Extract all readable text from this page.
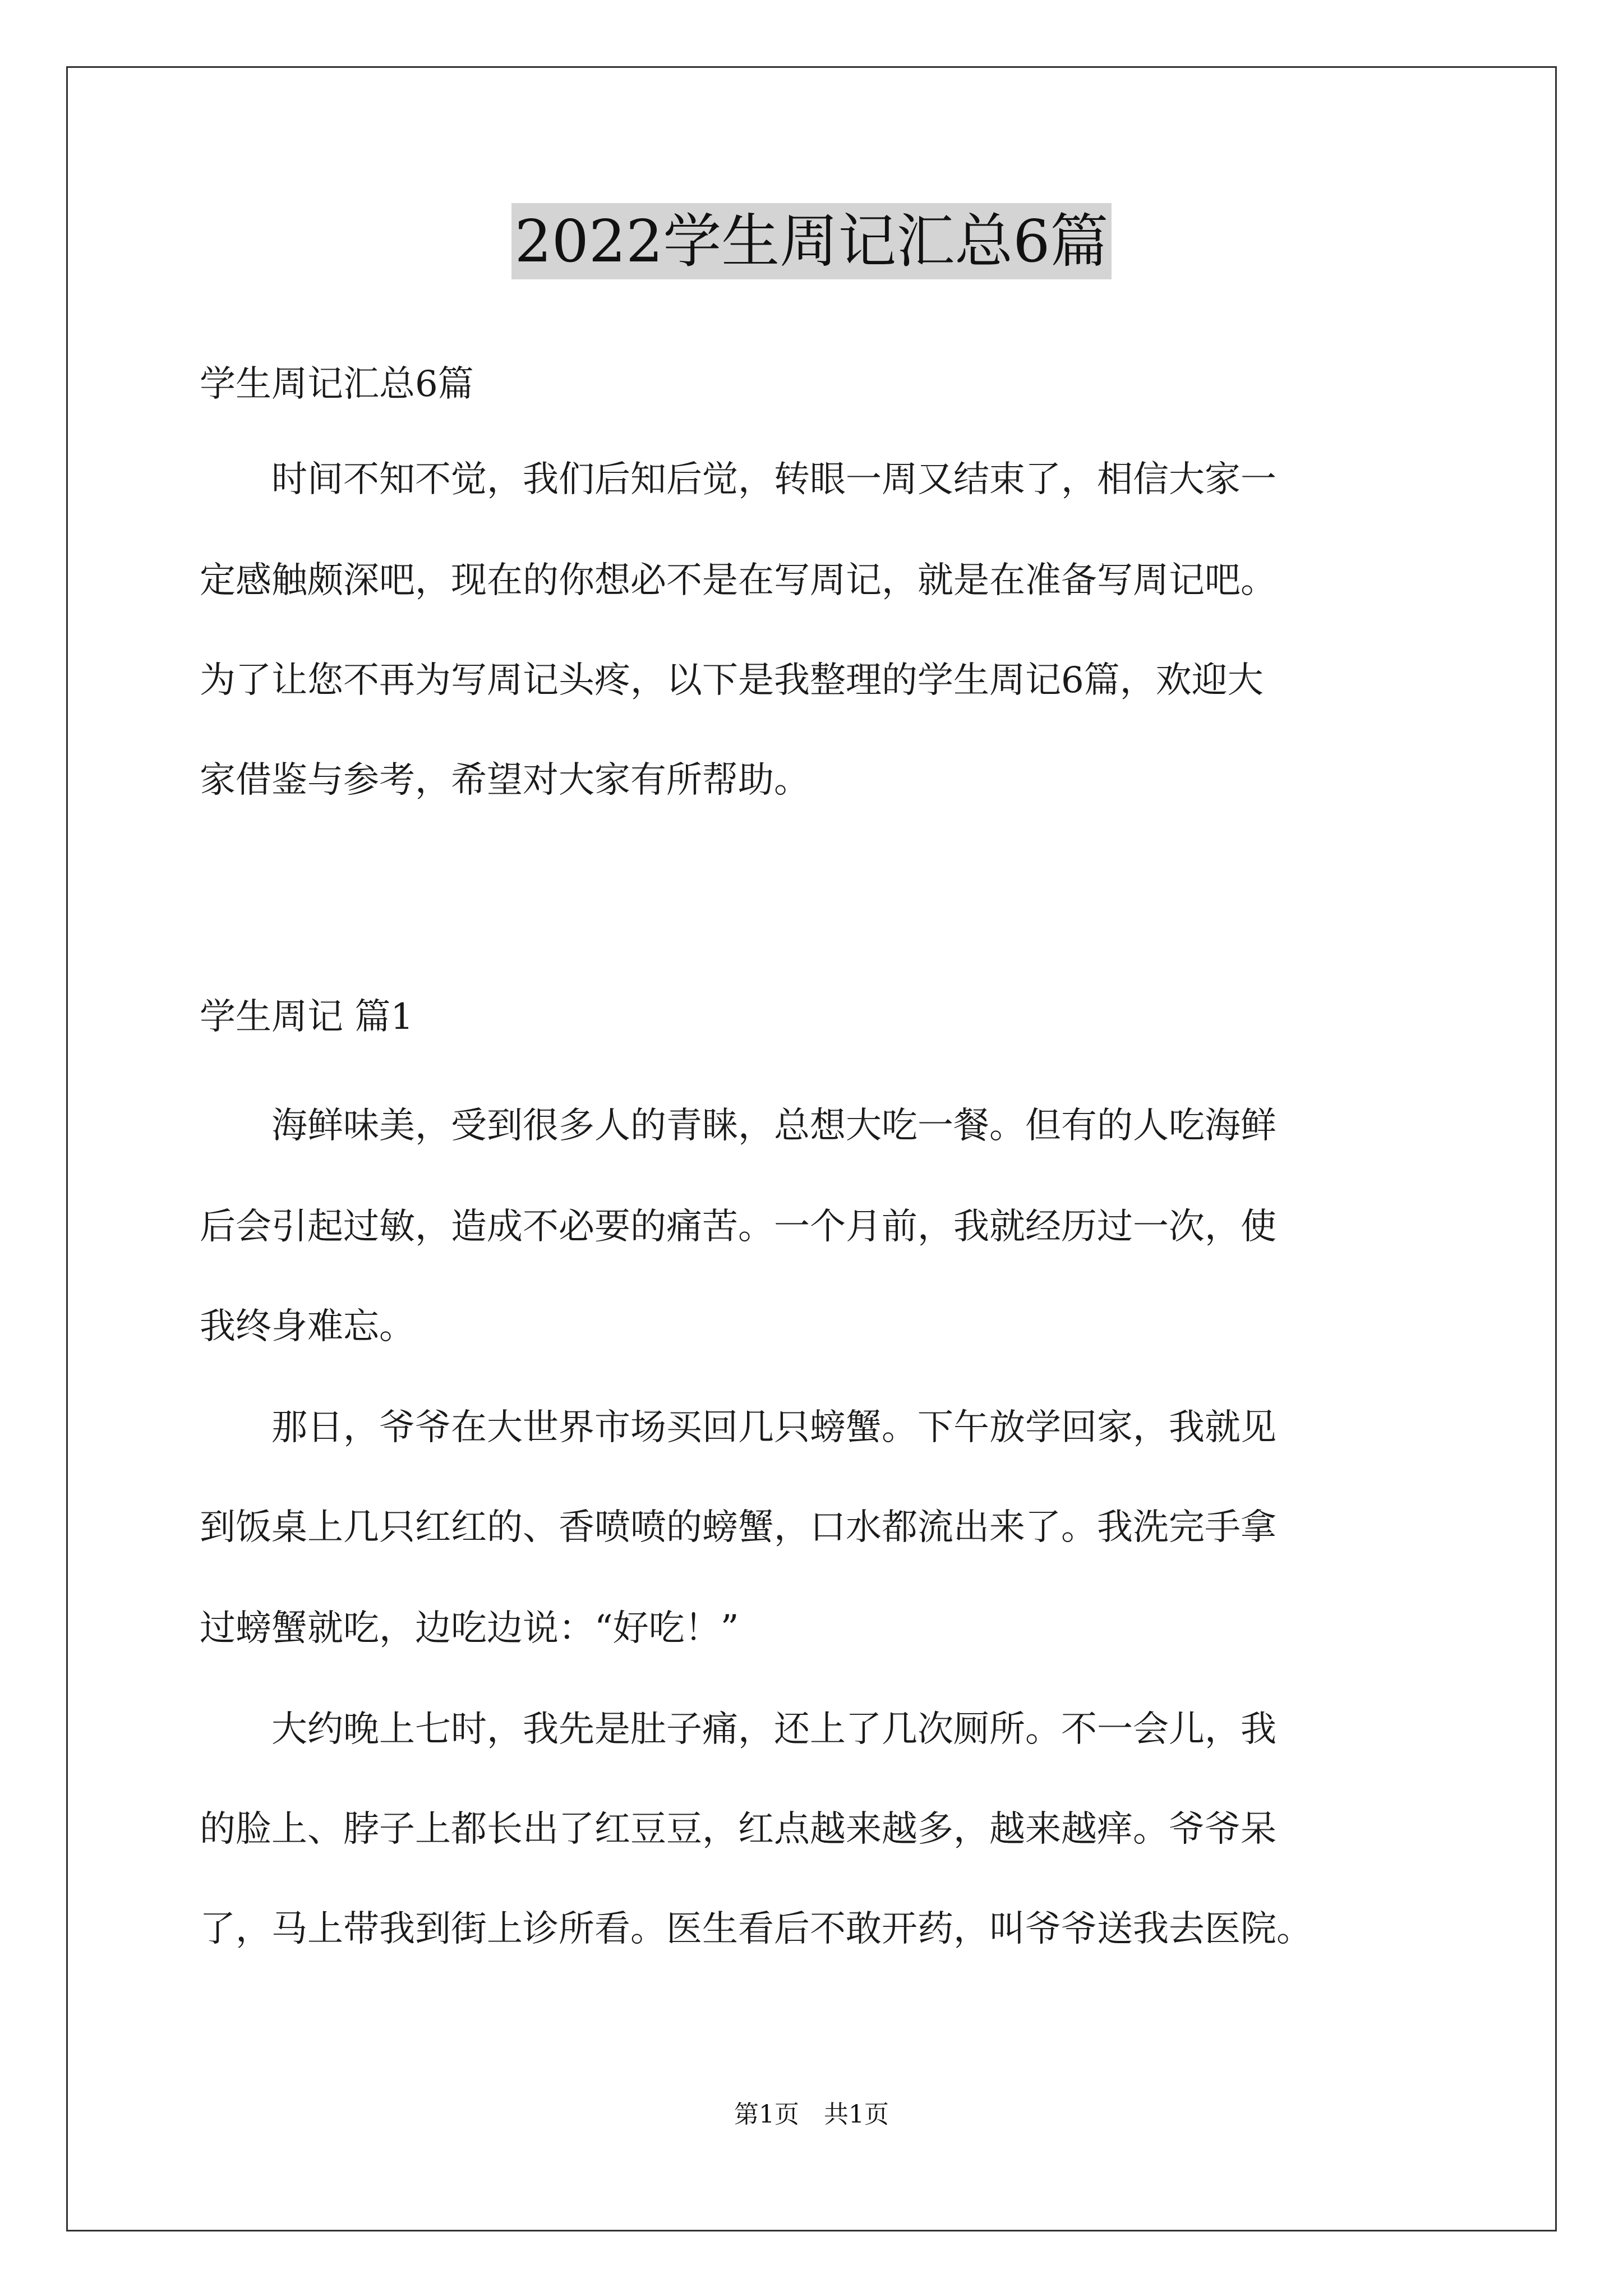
2022学生周记汇总6篇
学生周记汇总6篇
　　时间不知不觉，我们后知后觉，转眼一周又结束了，相信大家一
定感触颇深吧，现在的你想必不是在写周记，就是在准备写周记吧。
为了让您不再为写周记头疼，以下是我整理的学生周记6篇，欢迎大
家借鉴与参考，希望对大家有所帮助。
学生周记 篇1
　　海鲜味美，受到很多人的青睐，总想大吃一餐。但有的人吃海鲜
后会引起过敏，造成不必要的痛苦。一个月前，我就经历过一次，使
我终身难忘。
　　那日，爷爷在大世界市场买回几只螃蟹。下午放学回家，我就见
到饭桌上几只红红的、香喷喷的螃蟹，口水都流出来了。我洗完手拿
过螃蟹就吃，边吃边说：“好吃！”
　　大约晚上七时，我先是肚子痛，还上了几次厕所。不一会儿，我
的脸上、脖子上都长出了红豆豆，红点越来越多，越来越痒。爷爷呆
了，马上带我到街上诊所看。医生看后不敢开药，叫爷爷送我去医院。
第1页 共1页
